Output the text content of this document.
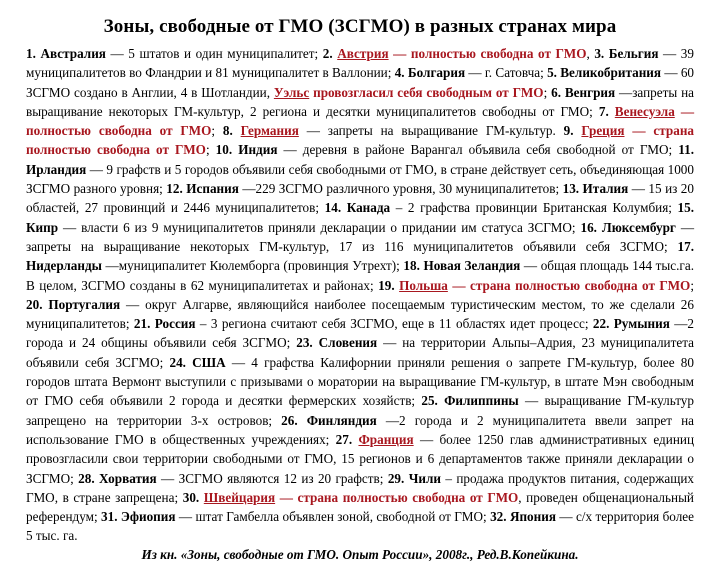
Зоны, свободные от ГМО (ЗСГМО) в разных странах мира

1. Австралия — 5 штатов и один муниципалитет; 2. Австрия — полностью свободна от ГМО, 3. Бельгия — 39 муниципалитетов во Фландрии и 81 муниципалитет в Валлонии; 4. Болгария — г. Сатовча; 5. Великобритания — 60 ЗСГМО создано в Англии, 4 в Шотландии, Уэльс провозгласил себя свободным от ГМО; 6. Венгрия —запреты на выращивание некоторых ГМ-культур, 2 региона и десятки муниципалитетов свободны от ГМО; 7. Венесуэла —полностью свободна от ГМО; 8. Германия — запреты на выращивание ГМ-культур. 9. Греция — страна полностью свободна от ГМО; 10. Индия — деревня в районе Варангал объявила себя свободной от ГМО; 11. Ирландия — 9 графств и 5 городов объявили себя свободными от ГМО, в стране действует сеть, объединяющая 1000 ЗСГМО разного уровня; 12. Испания —229 ЗСГМО различного уровня, 30 муниципалитетов; 13. Италия — 15 из 20 областей, 27 провинций и 2446 муниципалитетов; 14. Канада – 2 графства провинции Британская Колумбия; 15. Кипр — власти 6 из 9 муниципалитетов приняли декларации о придании им статуса ЗСГМО; 16. Люксембург —запреты на выращивание некоторых ГМ-культур, 17 из 116 муниципалитетов объявили себя ЗСГМО; 17. Нидерланды —муниципалитет Кюлемборга (провинция Утрехт); 18. Новая Зеландия — общая площадь 144 тыс.га. В целом, ЗСГМО созданы в 62 муниципалитетах и районах; 19. Польша — страна полностью свободна от ГМО; 20. Португалия — округ Алгарве, являющийся наиболее посещаемым туристическим местом, то же сделали 26 муниципалитетов; 21. Россия – 3 региона считают себя ЗСГМО, еще в 11 областях идет процесс; 22. Румыния —2 города и 24 общины объявили себя ЗСГМО; 23. Словения — на территории Альпы–Адрия, 23 муниципалитета объявили себя ЗСГМО; 24. США — 4 графства Калифорнии приняли решения о запрете ГМ-культур, более 80 городов штата Вермонт выступили с призывами о моратории на выращивание ГМ-культур, в штате Мэн свободным от ГМО себя объявили 2 города и десятки фермерских хозяйств; 25. Филиппины — выращивание ГМ-культур запрещено на территории 3-х островов; 26. Финляндия —2 города и 2 муниципалитета ввели запрет на использование ГМО в общественных учреждениях; 27. Франция — более 1250 глав административных единиц провозгласили свои территории свободными от ГМО, 15 регионов и 6 департаментов также приняли декларации о ЗСГМО; 28. Хорватия — ЗСГМО являются 12 из 20 графств; 29. Чили – продажа продуктов питания, содержащих ГМО, в стране запрещена; 30. Швейцария — страна полностью свободна от ГМО, проведен общенациональный референдум; 31. Эфиопия — штат Гамбелла объявлен зоной, свободной от ГМО; 32. Япония — с/х территория более 5 тыс. га.

Из кн. «Зоны, свободные от ГМО. Опыт России», 2008г., Ред.В.Копейкина.
